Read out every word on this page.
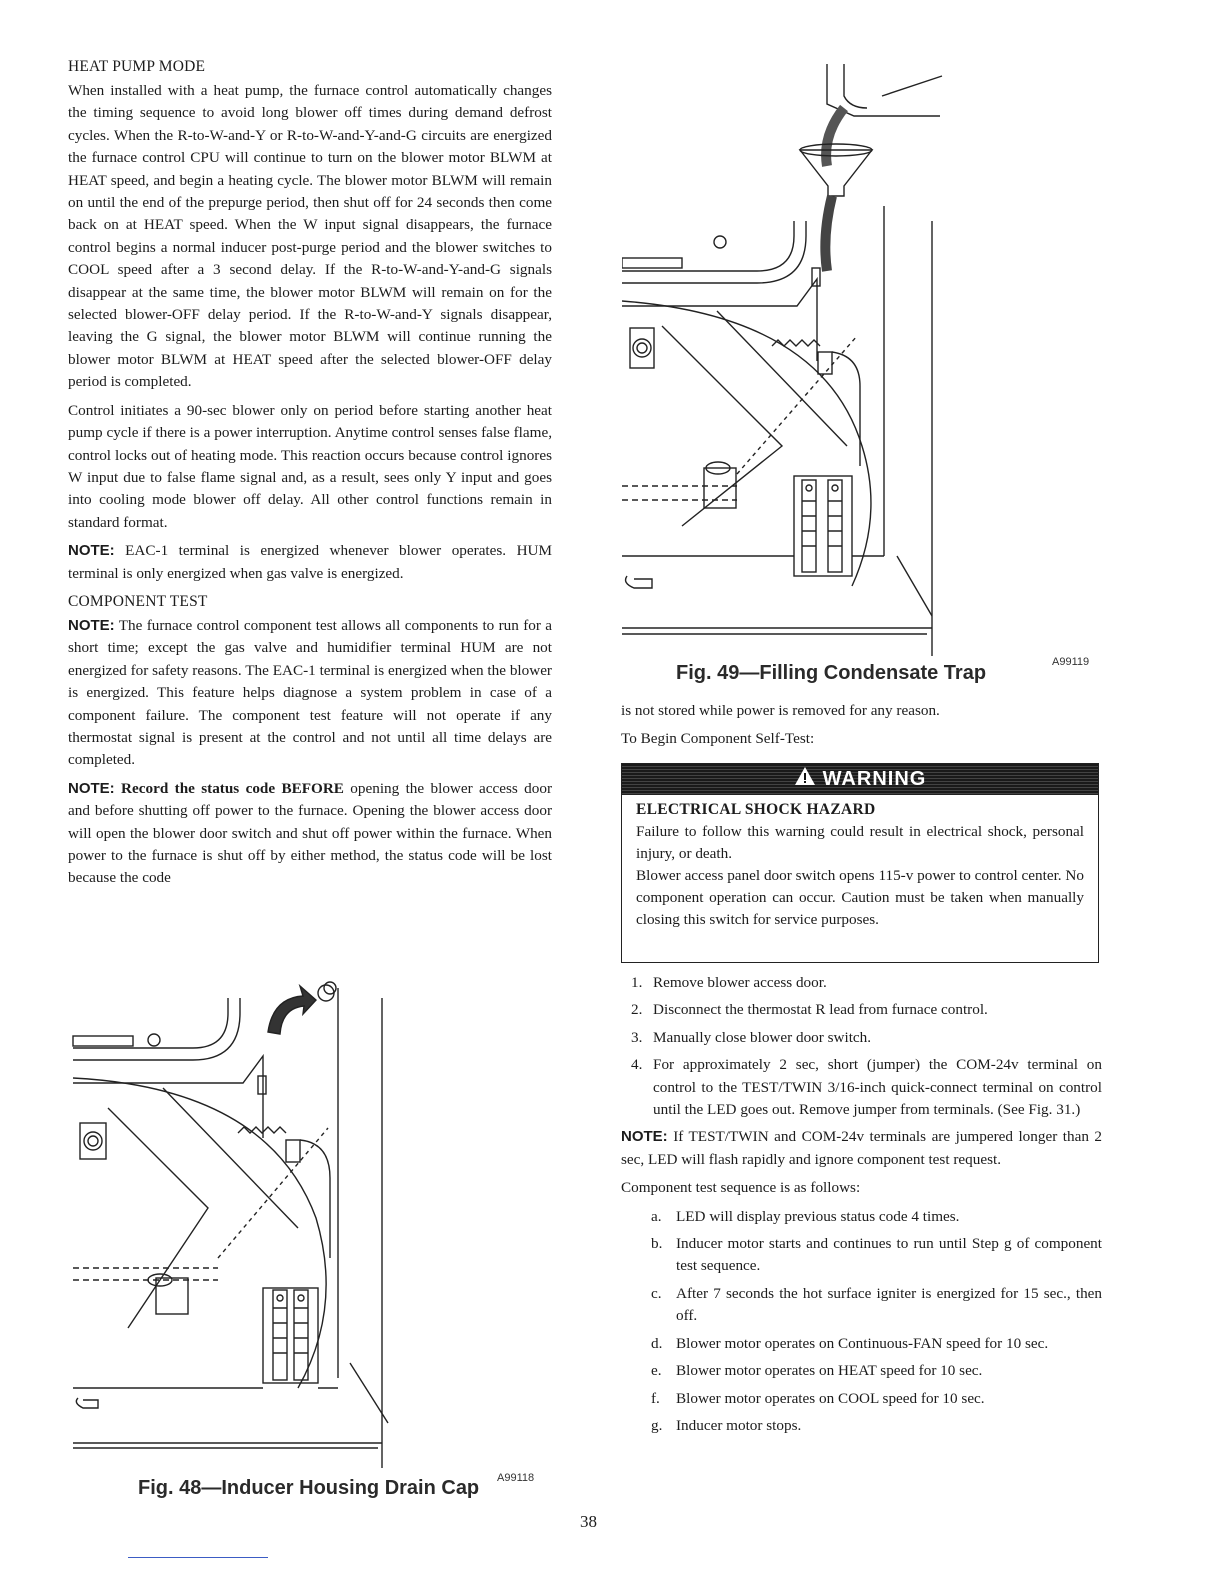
HEAT PUMP MODE

When installed with a heat pump, the furnace control automatically changes the timing sequence to avoid long blower off times during demand defrost cycles. When the R-to-W-and-Y or R-to-W-and-Y-and-G circuits are energized the furnace control CPU will continue to turn on the blower motor BLWM at HEAT speed, and begin a heating cycle. The blower motor BLWM will remain on until the end of the prepurge period, then shut off for 24 seconds then come back on at HEAT speed. When the W input signal disappears, the furnace control begins a normal inducer post-purge period and the blower switches to COOL speed after a 3 second delay. If the R-to-W-and-Y-and-G signals disappear at the same time, the blower motor BLWM will remain on for the selected blower-OFF delay period. If the R-to-W-and-Y signals disappear, leaving the G signal, the blower motor BLWM will continue running the blower motor BLWM at HEAT speed after the selected blower-OFF delay period is completed.

Control initiates a 90-sec blower only on period before starting another heat pump cycle if there is a power interruption. Anytime control senses false flame, control locks out of heating mode. This reaction occurs because control ignores W input due to false flame signal and, as a result, sees only Y input and goes into cooling mode blower off delay. All other control functions remain in standard format.

NOTE: EAC-1 terminal is energized whenever blower operates. HUM terminal is only energized when gas valve is energized.

COMPONENT TEST

NOTE: The furnace control component test allows all components to run for a short time; except the gas valve and humidifier terminal HUM are not energized for safety reasons. The EAC-1 terminal is energized when the blower is energized. This feature helps diagnose a system problem in case of a component failure. The component test feature will not operate if any thermostat signal is present at the control and not until all time delays are completed.

NOTE: Record the status code BEFORE opening the blower access door and before shutting off power to the furnace. Opening the blower access door will open the blower door switch and shut off power within the furnace. When power to the furnace is shut off by either method, the status code will be lost because the code

Fig. 48—Inducer Housing Drain Cap A99118
Fig. 49—Filling Condensate Trap	A99119

is not stored while power is removed for any reason.

To Begin Component Self-Test:

WARNING
ELECTRICAL SHOCK HAZARD

Failure to follow this warning could result in electrical shock, personal injury, or death.

Blower access panel door switch opens 115-v power to control center. No component operation can occur. Caution must be taken when manually closing this switch for service purposes.

1. Remove blower access door.
2. Disconnect the thermostat R lead from furnace control.
3. Manually close blower door switch.
4. For approximately 2 sec, short (jumper) the COM-24v terminal on control to the TEST/TWIN 3/16-inch quick-connect terminal on control until the LED goes out. Remove jumper from terminals. (See Fig. 31.)

NOTE: If TEST/TWIN and COM-24v terminals are jumpered longer than 2 sec, LED will flash rapidly and ignore component test request.

Component test sequence is as follows:

a. LED will display previous status code 4 times.
b. Inducer motor starts and continues to run until Step g of component test sequence.
c. After 7 seconds the hot surface igniter is energized for 15 sec., then off.
d. Blower motor operates on Continuous-FAN speed for 10 sec.
e. Blower motor operates on HEAT speed for 10 sec.
f. Blower motor operates on COOL speed for 10 sec.
g. Inducer motor stops.
38
